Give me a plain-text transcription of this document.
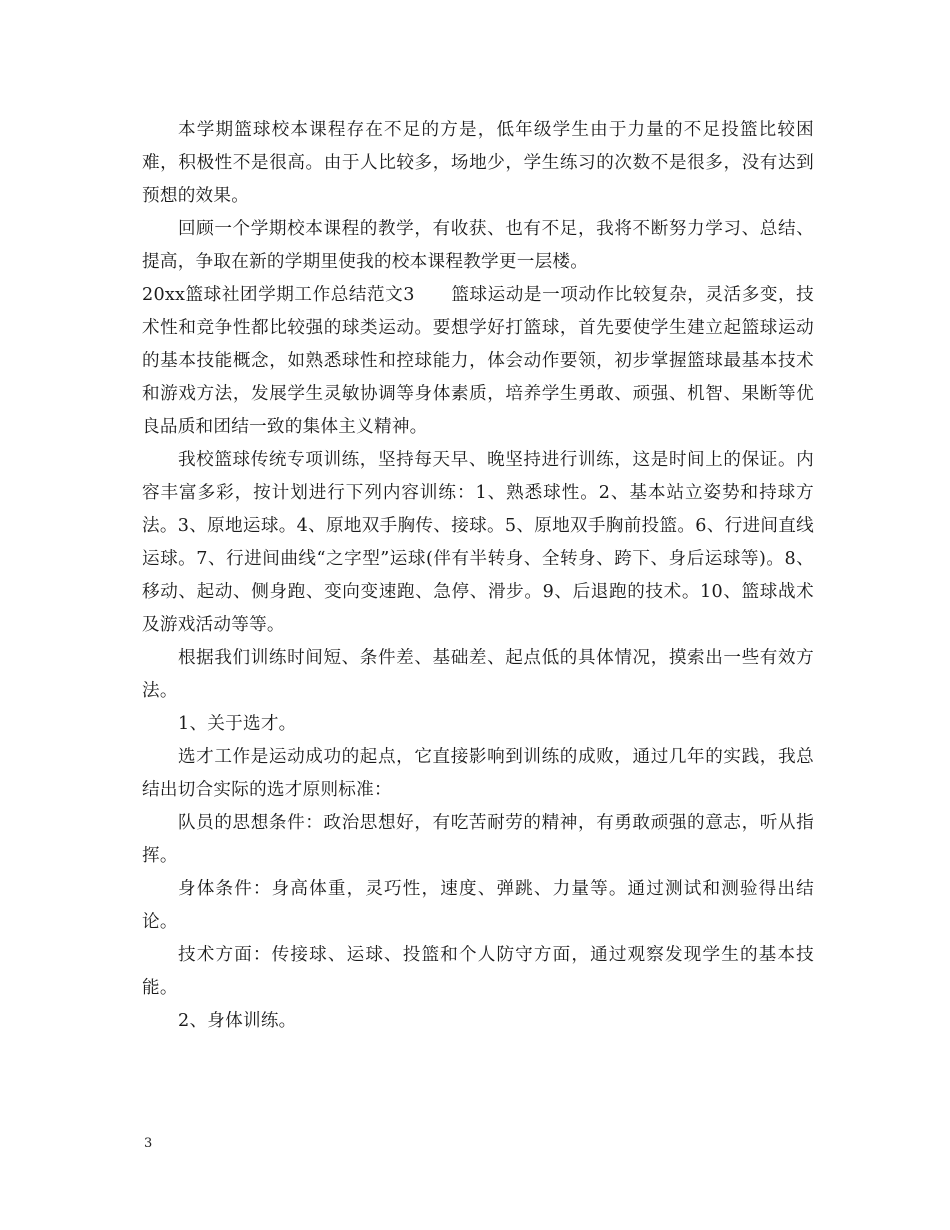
本学期篮球校本课程存在不足的方是，低年级学生由于力量的不足投篮比较困难，积极性不是很高。由于人比较多，场地少，学生练习的次数不是很多，没有达到预想的效果。

回顾一个学期校本课程的教学，有收获、也有不足，我将不断努力学习、总结、提高，争取在新的学期里使我的校本课程教学更一层楼。

20xx篮球社团学期工作总结范文3　　篮球运动是一项动作比较复杂，灵活多变，技术性和竞争性都比较强的球类运动。要想学好打篮球，首先要使学生建立起篮球运动的基本技能概念，如熟悉球性和控球能力，体会动作要领，初步掌握篮球最基本技术和游戏方法，发展学生灵敏协调等身体素质，培养学生勇敢、顽强、机智、果断等优良品质和团结一致的集体主义精神。

我校篮球传统专项训练，坚持每天早、晚坚持进行训练，这是时间上的保证。内容丰富多彩，按计划进行下列内容训练：1、熟悉球性。2、基本站立姿势和持球方法。3、原地运球。4、原地双手胸传、接球。5、原地双手胸前投篮。6、行进间直线运球。7、行进间曲线“之字型”运球(伴有半转身、全转身、跨下、身后运球等)。8、移动、起动、侧身跑、变向变速跑、急停、滑步。9、后退跑的技术。10、篮球战术及游戏活动等等。

根据我们训练时间短、条件差、基础差、起点低的具体情况，摸索出一些有效方法。

1、关于选才。

选才工作是运动成功的起点，它直接影响到训练的成败，通过几年的实践，我总结出切合实际的选才原则标准：

队员的思想条件：政治思想好，有吃苦耐劳的精神，有勇敢顽强的意志，听从指挥。

身体条件：身高体重，灵巧性，速度、弹跳、力量等。通过测试和测验得出结论。

技术方面：传接球、运球、投篮和个人防守方面，通过观察发现学生的基本技能。

2、身体训练。

3
